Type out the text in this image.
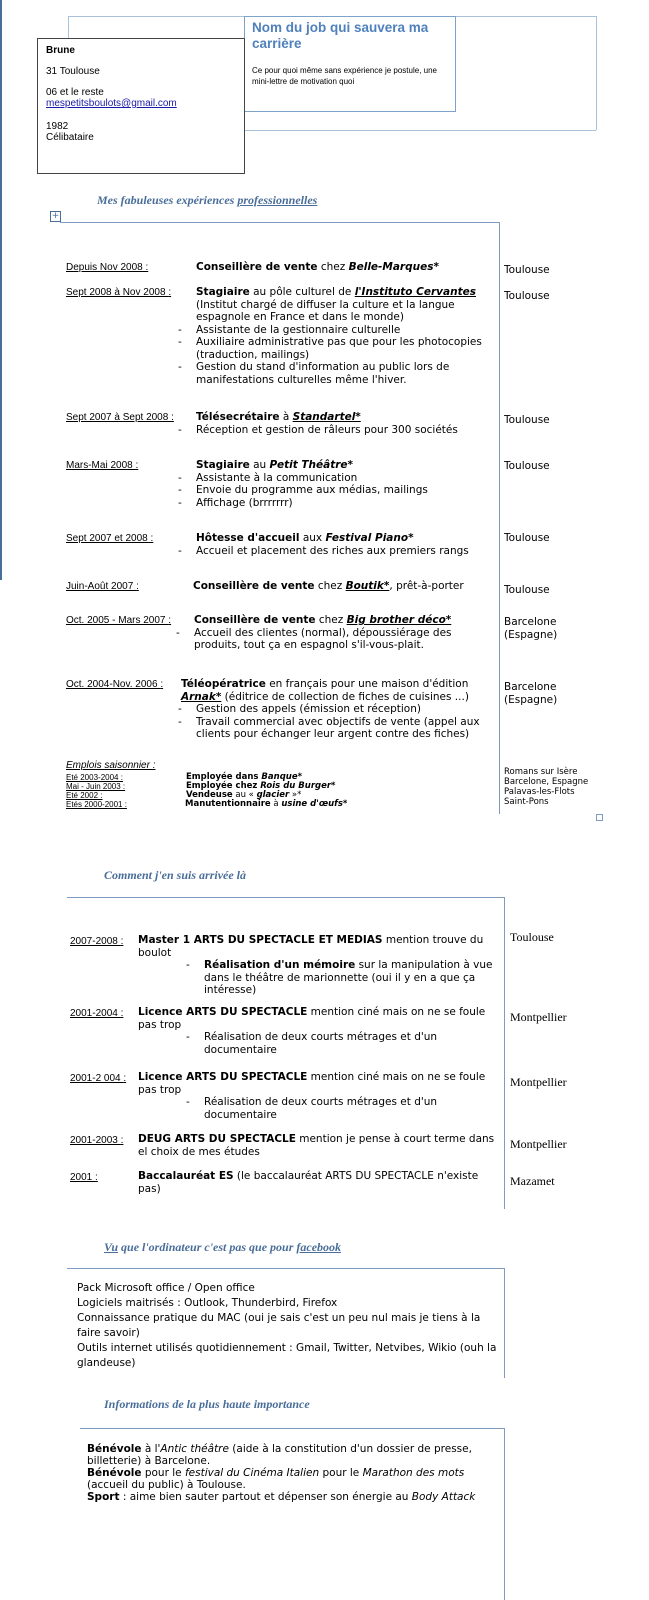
Nom du job qui sauvera ma carrière
Ce pour quoi même sans expérience je postule, une mini-lettre de motivation quoi
Brune
31 Toulouse
06 et le reste
mespetitsboulots@gmail.com
1982
Célibataire
Mes fabuleuses expériences professionnelles
+
Depuis Nov 2008 :	Conseillère de vente chez Belle-Marques*	Toulouse
Sept 2008 à Nov 2008 : Stagiaire au pôle culturel de l'Instituto Cervantes
(Institut chargé de diffuser la culture et la langue espagnole en France et dans le monde)
- Assistante de la gestionnaire culturelle
- Auxiliaire administrative pas que pour les photocopies (traduction, mailings)
- Gestion du stand d'information au public lors de manifestations culturelles même l'hiver.
Toulouse
Sept 2007 à Sept 2008 : Télésecrétaire à Standartel*
- Réception et gestion de râleurs pour 300 sociétés
Toulouse
Mars-Mai 2008 :	Stagiaire au Petit Théâtre*
- Assistante à la communication
- Envoie du programme aux médias, mailings
- Affichage (brrrrrrr)
Toulouse
Sept 2007 et 2008 :	Hôtesse d'accueil aux Festival Piano*
- Accueil et placement des riches aux premiers rangs
Toulouse
Juin-Août 2007 :	Conseillère de vente chez Boutik*, prêt-à-porter	Toulouse
Oct. 2005 - Mars 2007 : Conseillère de vente chez Big brother déco*
- Accueil des clientes (normal), dépoussiérage des produits, tout ça en espagnol s'il-vous-plait.
Barcelone (Espagne)
Oct. 2004-Nov. 2006 : Téléopératrice en français pour une maison d'édition Arnak* (éditrice de collection de fiches de cuisines ...)
- Gestion des appels (émission et réception)
- Travail commercial avec objectifs de vente (appel aux clients pour échanger leur argent contre des fiches)
Barcelone (Espagne)
Emplois saisonnier :
Eté 2003-2004 :	Employée dans Banque*	Romans sur Isère
Mai - Juin 2003 :	Employée chez Rois du Burger*	Barcelone, Espagne
Eté 2002 :	Vendeuse au « glacier »*	Palavas-les-Flots
Etés 2000-2001 :	Manutentionnaire à usine d'œufs*	Saint-Pons
Comment j'en suis arrivée là
2007-2008 : Master 1 ARTS DU SPECTACLE ET MEDIAS mention trouve du boulot
- Réalisation d'un mémoire sur la manipulation à vue dans le théâtre de marionnette (oui il y en a que ça intéresse)
Toulouse
2001-2004 : Licence ARTS DU SPECTACLE mention ciné mais on ne se foule pas trop
- Réalisation de deux courts métrages et d'un documentaire
Montpellier
2001-2 004 : Licence ARTS DU SPECTACLE mention ciné mais on ne se foule pas trop
- Réalisation de deux courts métrages et d'un documentaire
Montpellier
2001-2003 : DEUG ARTS DU SPECTACLE mention je pense à court terme dans el choix de mes études
Montpellier
2001 :	Baccalauréat ES (le baccalauréat ARTS DU SPECTACLE n'existe pas)
Mazamet
Vu que l'ordinateur c'est pas que pour facebook
Pack Microsoft office / Open office
Logiciels maitrisés : Outlook, Thunderbird, Firefox
Connaissance pratique du MAC (oui je sais c'est un peu nul mais je tiens à la faire savoir)
Outils internet utilisés quotidiennement : Gmail, Twitter, Netvibes, Wikio (ouh la glandeuse)
Informations de la plus haute importance
Bénévole à l'Antic théâtre (aide à la constitution d'un dossier de presse, billetterie) à Barcelone.
Bénévole pour le festival du Cinéma Italien pour le Marathon des mots (accueil du public) à Toulouse.
Sport : aime bien sauter partout et dépenser son énergie au Body Attack
